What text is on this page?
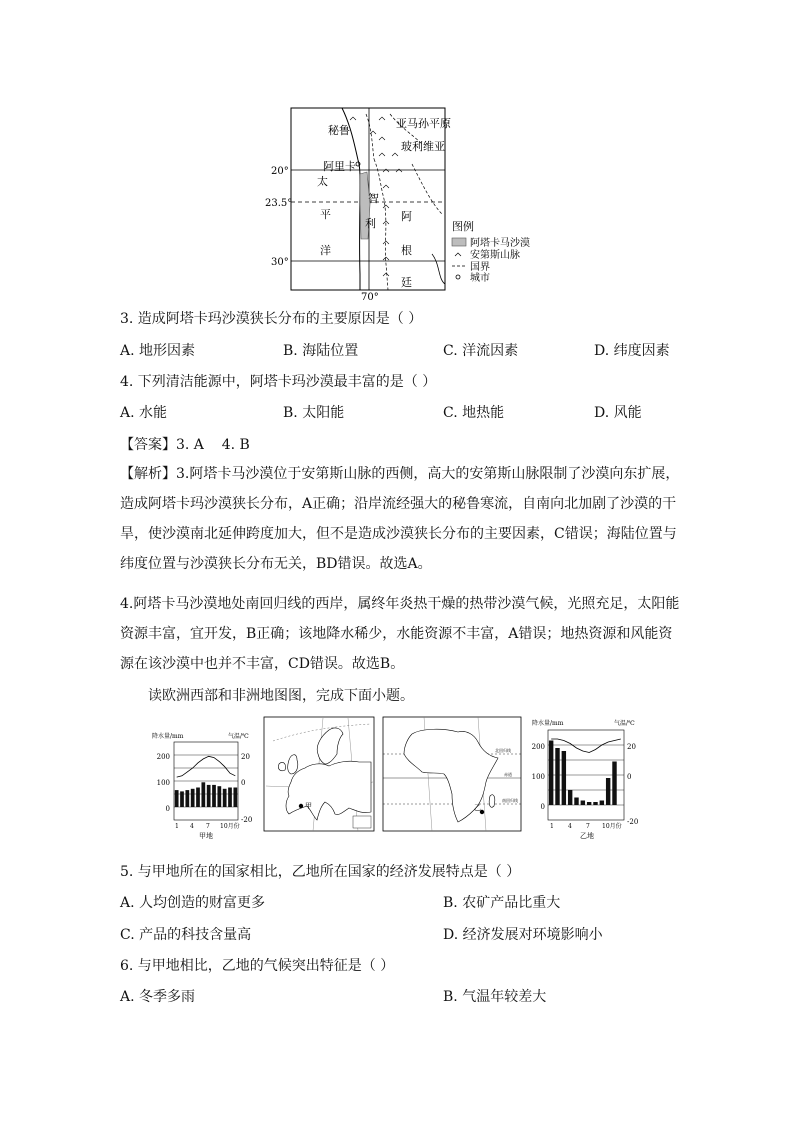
秘鲁
亚马孙平原
玻利维亚
阿里卡
太
平
洋
智
利
阿
根
廷
20°
23.5°
30°
70°
图例
阿塔卡马沙漠
安第斯山脉
国界
城市
3. 造成阿塔卡玛沙漠狭长分布的主要原因是（ ）
A. 地形因素	B. 海陆位置	C. 洋流因素	D. 纬度因素
4. 下列清洁能源中，阿塔卡玛沙漠最丰富的是（ ）
A. 水能	B. 太阳能	C. 地热能	D. 风能
【答案】3. A    4. B
【解析】3.阿塔卡马沙漠位于安第斯山脉的西侧，高大的安第斯山脉限制了沙漠向东扩展，造成阿塔卡玛沙漠狭长分布，A正确；沿岸流经强大的秘鲁寒流，自南向北加剧了沙漠的干旱，使沙漠南北延伸跨度加大，但不是造成沙漠狭长分布的主要因素，C错误；海陆位置与纬度位置与沙漠狭长分布无关，BD错误。故选A。
4.阿塔卡马沙漠地处南回归线的西岸，属终年炎热干燥的热带沙漠气候，光照充足，太阳能资源丰富，宜开发，B正确；该地降水稀少，水能资源不丰富，A错误；地热资源和风能资源在该沙漠中也并不丰富，CD错误。故选B。
读欧洲西部和非洲地图图，完成下面小题。
降水量/mm	气温/℃
200
100
0
20
0
-20
1 4 7 10月份
甲地
甲	乙
北回归线
赤道
南回归线
降水量/mm	气温/℃
200
100
0
20
0
-20
1 4 7 10月份
乙地
5. 与甲地所在的国家相比，乙地所在国家的经济发展特点是（ ）
A. 人均创造的财富更多	B. 农矿产品比重大
C. 产品的科技含量高	D. 经济发展对环境影响小
6. 与甲地相比，乙地的气候突出特征是（ ）
A. 冬季多雨	B. 气温年较差大
